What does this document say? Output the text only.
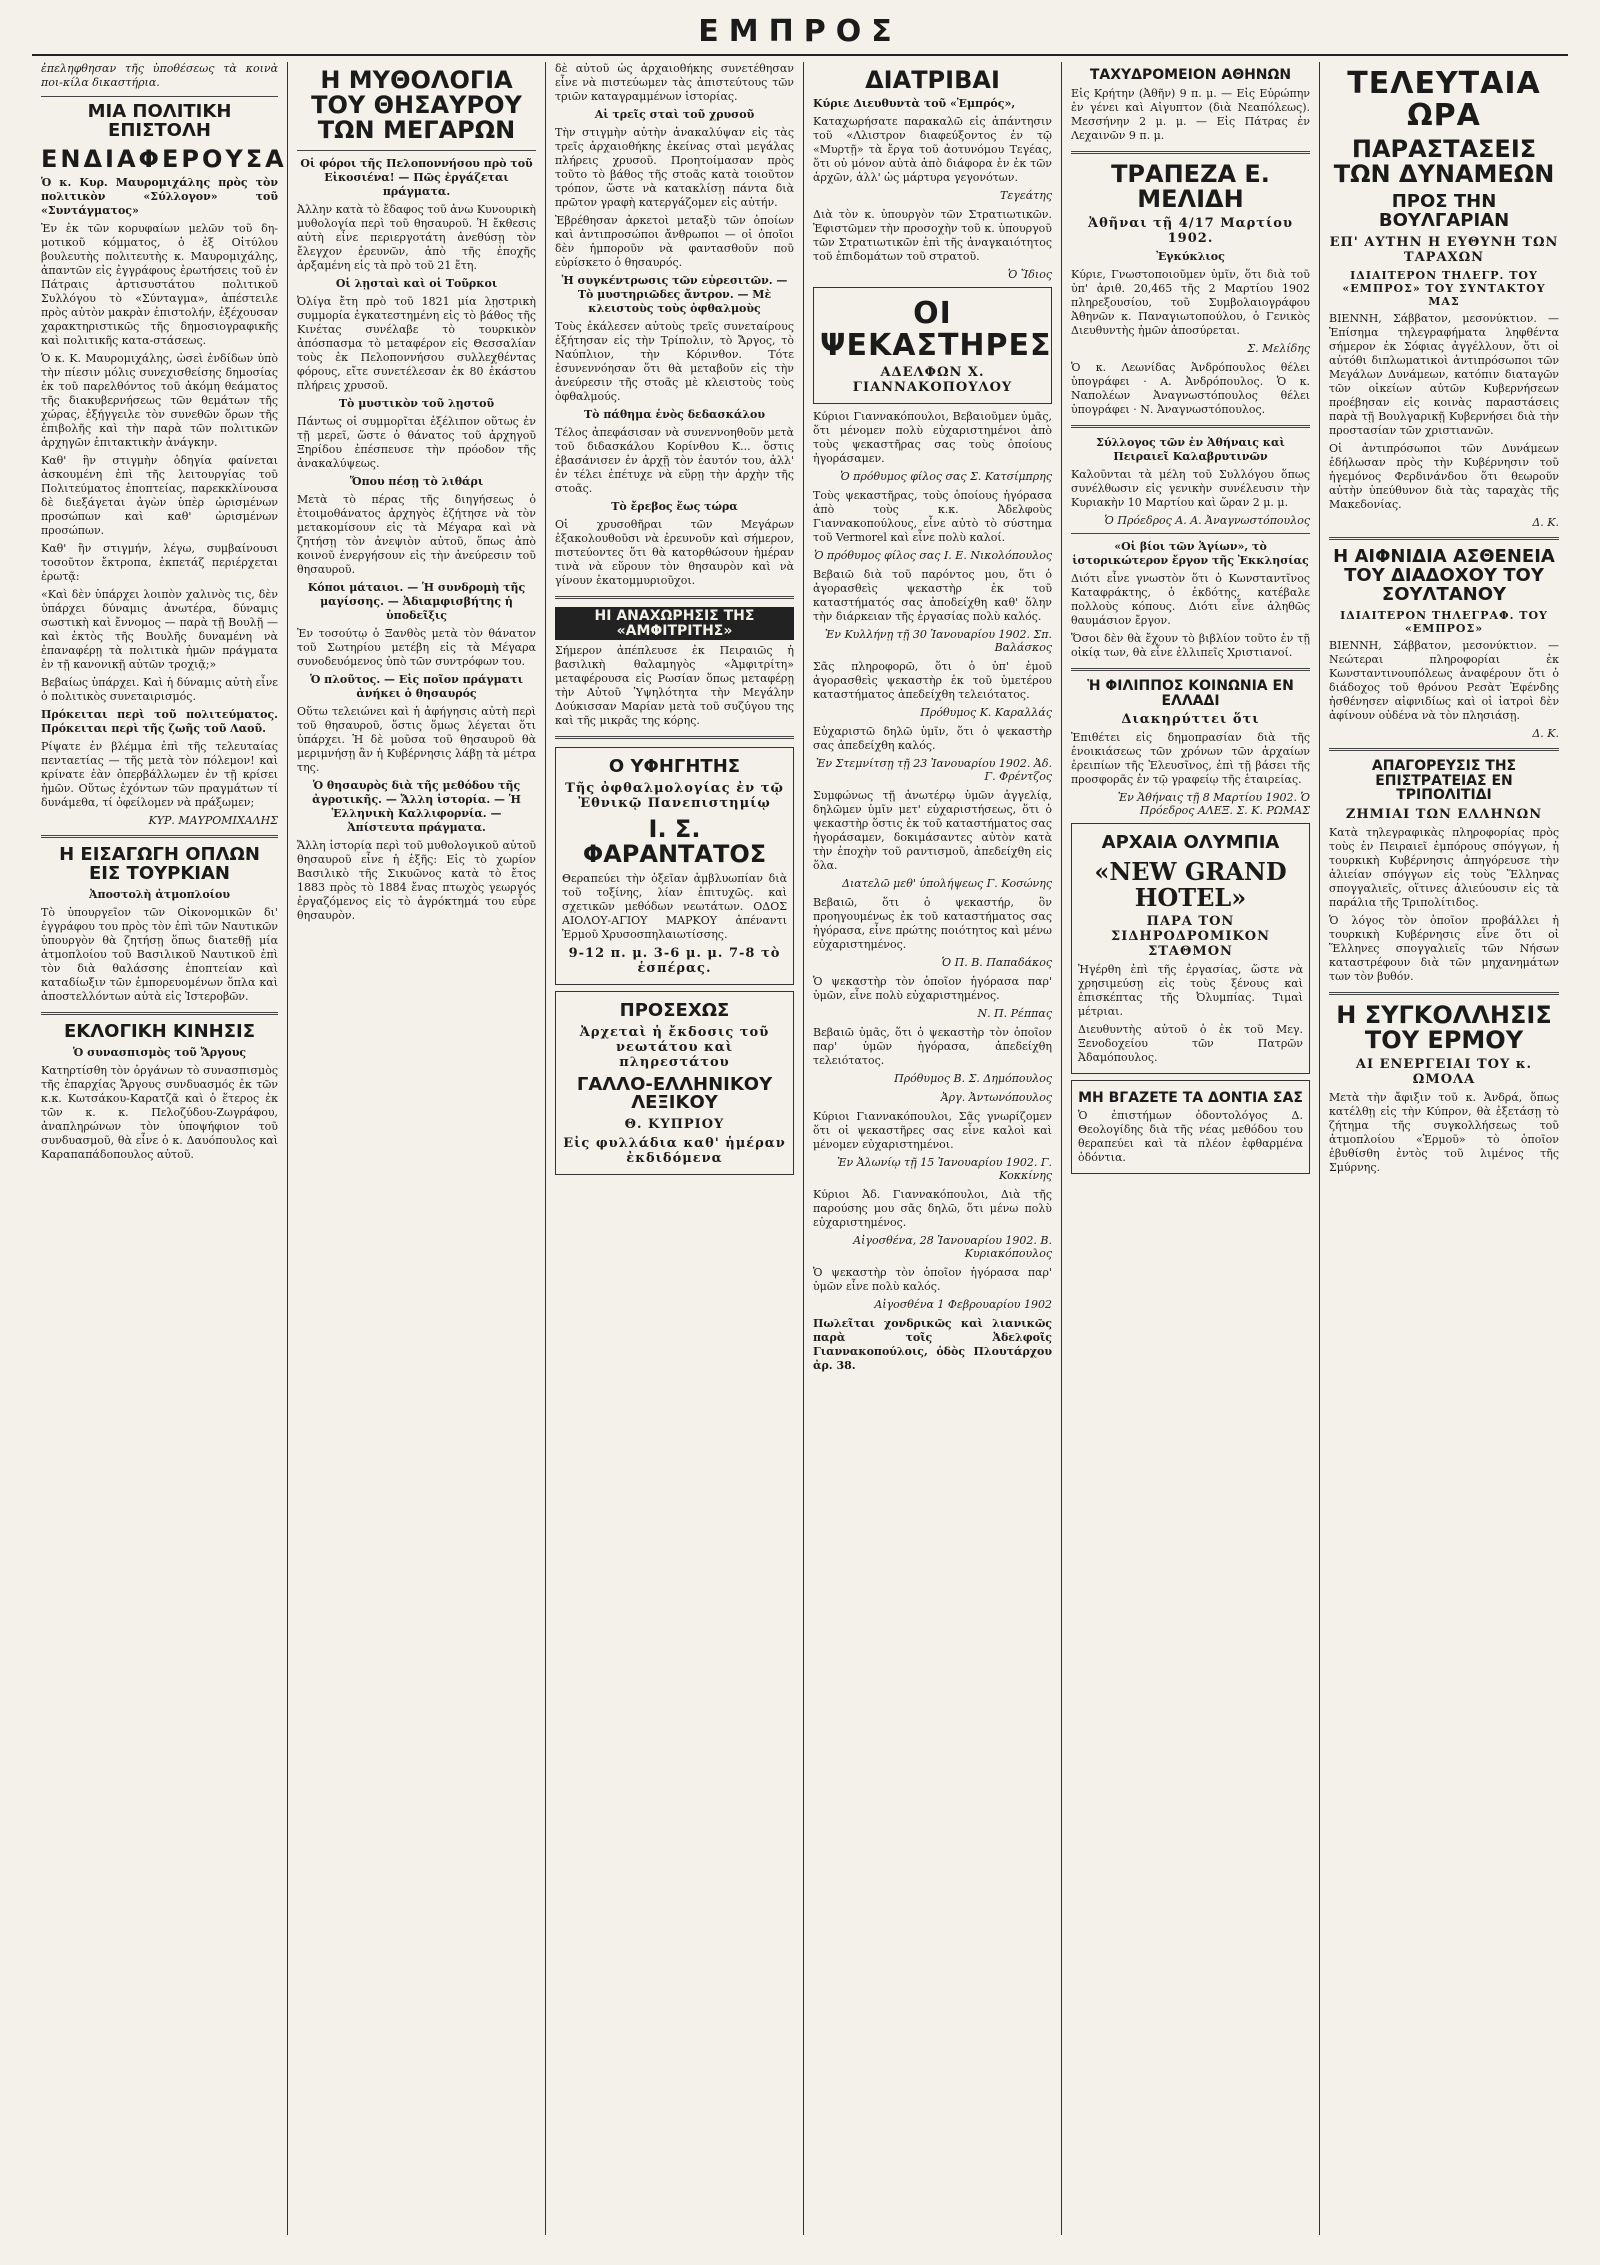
ΕΜΠΡΟΣ

ἐπεληφθησαν τῆς ὑποθέσεως τὰ κοινὰ ποι-κίλα δικαστήρια.

ΜΙΑ ΠΟΛΙΤΙΚΗ ΕΠΙΣΤΟΛΗ
ΕΝΔΙΑΦΕΡΟΥΣΑ

Ὁ κ. Κυρ. Μαυρομιχάλης πρὸς τὸν πολιτικὸν «Σύλλογον» τοῦ «Συντάγματος»

Ἐν ἐκ τῶν κορυφαίων μελῶν τοῦ δη-μοτικοῦ κόμματος, ὁ ἐξ Οἰτύλου βουλευτὴς πολιτευτὴς κ. Μαυρομιχάλης, ἀπαντῶν εἰς ἐγγράφους ἐρωτήσεις τοῦ ἐν Πάτραις ἀρτισυστάτου πολιτικοῦ Συλλόγου τὸ «Σύνταγμα», ἀπέστειλε πρὸς αὐτὸν μακρὰν ἐπιστολήν, ἐξέχουσαν χαρακτηριστικῶς τῆς δημοσιογραφικῆς καὶ πολιτικῆς κατα-στάσεως.

Ὁ κ. Κ. Μαυρομιχάλης, ὡσεὶ ἐνδίδων ὑπὸ τὴν πίεσιν μόλις συνεχισθείσης δημοσίας ἐκ τοῦ παρελθόντος τοῦ ἀκόμη θεάματος τῆς διακυβερνήσεως τῶν θεμάτων τῆς χώρας, ἐξήγγειλε τὸν συνεθῶν ὅρων τῆς ἐπιβολῆς καὶ τὴν παρὰ τῶν πολιτικῶν ἀρχηγῶν ἐπιτακτικὴν ἀνάγκην.

Καθ' ἣν στιγμὴν ὁδηγία φαίνεται ἀσκουμένη ἐπὶ τῆς λειτουργίας τοῦ Πολιτεύματος ἐποπτείας, παρεκκλίνουσα δὲ διεξάγεται ἀγὼν ὑπὲρ ὡρισμένων προσώπων καὶ καθ' ὡρισμένων προσώπων.

Καθ' ἣν στιγμήν, λέγω, συμβαίνουσι τοσοῦτον ἔκτροπα, ἐκπετάζ περιέρχεται ἐρωτᾷ:

«Καὶ δὲν ὑπάρχει λοιπὸν χαλινὸς τις, δὲν ὑπάρχει δύναμις ἀνωτέρα, δύναμις σωστικὴ καὶ ἔννομος — παρὰ τῇ Βουλῇ — καὶ ἐκτὸς τῆς Βουλῆς δυναμένη νὰ ἐπαναφέρῃ τὰ πολιτικὰ ἡμῶν πράγματα ἐν τῇ κανονικῇ αὐτῶν τροχιᾷ;»

Βεβαίως ὑπάρχει. Καὶ ἡ δύναμις αὐτὴ εἶνε ὁ πολιτικὸς συνεταιρισμός.

Πρόκειται περὶ τοῦ πολιτεύματος. Πρόκειται περὶ τῆς ζωῆς τοῦ Λαοῦ.

Ρίψατε ἐν βλέμμα ἐπὶ τῆς τελευταίας πενταετίας — τῆς μετὰ τὸν πόλεμον! καὶ κρίνατε ἐὰν ὀπερβάλλωμεν ἐν τῇ κρίσει ἡμῶν. Οὕτως ἐχόντων τῶν πραγμάτων τί δυνάμεθα, τί ὀφείλομεν νὰ πράξωμεν;

ΚΥΡ. ΜΑΥΡΟΜΙΧΑΛΗΣ
Η ΕΙΣΑΓΩΓΗ ΟΠΛΩΝ ΕΙΣ ΤΟΥΡΚΙΑΝ

Ἀποστολὴ ἀτμοπλοίου

Τὸ ὑπουργεῖον τῶν Οἰκονομικῶν δι' ἐγγράφου του πρὸς τὸν ἐπὶ τῶν Ναυτικῶν ὑπουργὸν θὰ ζητήσῃ ὅπως διατεθῇ μία ἀτμοπλοίου τοῦ Βασιλικοῦ Ναυτικοῦ ἐπὶ τὸν διὰ θαλάσσης ἐποπτείαν καὶ καταδίωξιν τῶν ἐμπορευομένων ὅπλα καὶ ἀποστελλόντων αὐτὰ εἰς Ἰστεροβῶν.

ΕΚΛΟΓΙΚΗ ΚΙΝΗΣΙΣ

Ὁ συνασπισμὸς τοῦ Ἄργους

Κατηρτίσθη τὸν ὀργάνων τὸ συνασπισμὸς τῆς ἐπαρχίας Ἄργους συνδυασμός ἐκ τῶν κ.κ. Κωτσάκου-Καρατζᾶ καὶ ὁ ἕτερος ἐκ τῶν κ. κ. Πελοζύδου-Ζωγράφου, ἀναπληρώνων τὸν ὑποψήφιον τοῦ συνδυασμοῦ, θὰ εἶνε ὁ κ. Δαυόπουλος καὶ Καραπαπάδοπουλος αὐτοῦ.

Η ΜΥΘΟΛΟΓΙΑ ΤΟΥ ΘΗΣΑΥΡΟΥ ΤΩΝ ΜΕΓΑΡΩΝ

Οἱ φόροι τῆς Πελοποννήσου πρὸ τοῦ Εἰκοσιένα! — Πῶς ἐργάζεται πράγματα.

Ἀλλην κατὰ τὸ ἔδαφος τοῦ ἀνω Κυνουρικὴ μυθολογία περὶ τοῦ θησαυροῦ. Ἡ ἔκθεσις αὐτὴ εἶνε περιεργοτάτη ἀνεθύσῃ τὸν ἔλεγχον ἐρευνῶν, ἀπὸ τῆς ἐποχῆς ἀρξαμένη εἰς τὰ πρὸ τοῦ 21 ἔτη.

Οἱ λῃσταὶ καὶ οἱ Τοῦρκοι

Ὀλίγα ἔτη πρὸ τοῦ 1821 μία λῃστρικὴ συμμορία ἐγκατεστημένη εἰς τὸ βάθος τῆς Κινέτας συνέλαβε τὸ τουρκικὸν ἀπόσπασμα τὸ μεταφέρον εἰς Θεσσαλίαν τοὺς ἐκ Πελοποννήσου συλλεχθέντας φόρους, εἴτε συνετέλεσαν ἐκ 80 ἐκάστου πλήρεις χρυσοῦ.

Τὸ μυστικὸν τοῦ λῃστοῦ

Πάντως οἱ συμμορῖται ἐξέλιπον οὕτως ἐν τῇ μερεῖ, ὥστε ὁ θάνατος τοῦ ἀρχηγοῦ Ξηρίδου ἐπέσπευσε τὴν πρόοδον τῆς ἀνακαλύψεως.

Ὅπου πέσῃ τὸ λιθάρι

Μετὰ τὸ πέρας τῆς διηγήσεως ὁ ἐτοιμοθάνατος ἀρχηγὸς ἐζήτησε νὰ τὸν μετακομίσουν εἰς τὰ Μέγαρα καὶ νὰ ζητήσῃ τὸν ἀνεψιὸν αὐτοῦ, ὅπως ἀπὸ κοινοῦ ἐνεργήσουν εἰς τὴν ἀνεύρεσιν τοῦ θησαυροῦ.

Κόποι μάταιοι. — Ἡ συνδρομὴ τῆς μαγίσσης. — Ἀδιαμφισβήτης ἡ ὑποδεῖξις

Ἐν τοσούτῳ ὁ Ξανθὸς μετὰ τὸν θάνατον τοῦ Σωτηρίου μετέβη εἰς τὰ Μέγαρα συνοδευόμενος ὑπὸ τῶν συντρόφων του.

Ὁ πλοῦτος. — Εἰς ποῖον πράγματι ἀνήκει ὁ θησαυρός

Οὕτω τελειώνει καὶ ἡ ἀφήγησις αὐτὴ περὶ τοῦ θησαυροῦ, ὅστις ὅμως λέγεται ὅτι ὑπάρχει. Ἡ δὲ μοῦσα τοῦ θησαυροῦ θὰ μεριμνήσῃ ἂν ἡ Κυβέρνησις λάβῃ τὰ μέτρα της.

Ὁ θησαυρὸς διὰ τῆς μεθόδου τῆς ἀγροτικῆς. — Ἄλλη ἱστορία. — Ἡ Ἑλληνικὴ Καλλιφορνία. — Ἀπίστευτα πράγματα.

Ἄλλη ἱστορία περὶ τοῦ μυθολογικοῦ αὐτοῦ θησαυροῦ εἶνε ἡ ἑξῆς: Εἰς τὸ χωρίον Βασιλικὸ τῆς Σικυῶνος κατὰ τὸ ἔτος 1883 πρὸς τὸ 1884 ἔνας πτωχὸς γεωργός ἐργαζόμενος εἰς τὸ ἀγρόκτημά του εὗρε θησαυρὸν.

δὲ αὐτοῦ ὡς ἀρχαιοθήκης συνετέθησαν εἶνε νὰ πιστεύωμεν τὰς ἀπιστεύτους τῶν τριῶν καταγραμμένων ἱστορίας.

Αἱ τρεῖς σταὶ τοῦ χρυσοῦ

Τὴν στιγμὴν αὐτὴν ἀνακαλύψαν εἰς τὰς τρεῖς ἀρχαιοθήκης ἐκείνας σταὶ μεγάλας πλήρεις χρυσοῦ. Προητοίμασαν πρὸς τοῦτο τὸ βάθος τῆς στοᾶς κατὰ τοιοῦτον τρόπον, ὥστε νὰ κατακλίσῃ πάντα διὰ πρῶτον γραφὴ κατεργάζομεν εἰς αὐτήν.

Ἐβρέθησαν ἀρκετοὶ μεταξὺ τῶν ὁποίων καὶ ἀντιπροσώποι ἄνθρωποι — οἱ ὁποῖοι δὲν ἠμποροῦν νὰ φαντασθοῦν ποῦ εὑρίσκετο ὁ θησαυρός.

Ἡ συγκέντρωσις τῶν εὑρεσιτῶν. — Τὸ μυστηριῶδες ἄντρον. — Μὲ κλειστοὺς τοὺς ὀφθαλμοὺς

Τοὺς ἐκάλεσεν αὐτοὺς τρεῖς συνεταίρους ἐξήτησαν εἰς τὴν Τρίπολιν, τὸ Ἄργος, τὸ Ναύπλιον, τὴν Κόρινθον. Τότε ἐσυνεννόησαν ὅτι θὰ μεταβοῦν εἰς τὴν ἀνεύρεσιν τῆς στοᾶς μὲ κλειστοὺς τοὺς ὀφθαλμούς.

Τὸ πάθημα ἑνὸς δεδασκάλου

Τέλος ἀπεφάσισαν νὰ συνεννοηθοῦν μετὰ τοῦ διδασκάλου Κορίνθου Κ... ὅστις ἐβασάνισεν ἐν ἀρχῇ τὸν ἑαυτόν του, ἀλλ' ἐν τέλει ἐπέτυχε νὰ εὕρῃ τὴν ἀρχὴν τῆς στοᾶς.

Τὸ ἔρεβος ἕως τώρα

Οἱ χρυσοθῆραι τῶν Μεγάρων ἐξακολουθοῦσι νὰ ἐρευνοῦν καὶ σήμερον, πιστεύοντες ὅτι θὰ κατορθώσουν ἡμέραν τινὰ νὰ εὕρουν τὸν θησαυρὸν καὶ νὰ γίνουν ἑκατομμυριοῦχοι.

ΗΙ ΑΝΑΧΩΡΗΣΙΣ ΤΗΣ «ΑΜΦΙΤΡΙΤΗΣ»

Σήμερον ἀπέπλευσε ἐκ Πειραιῶς ἡ βασιλικὴ θαλαμηγὸς «Ἀμφιτρίτη» μεταφέρουσα εἰς Ρωσίαν ὅπως μεταφέρῃ τὴν Αὐτοῦ Ὑψηλότητα τὴν Μεγάλην Δούκισσαν Μαρίαν μετὰ τοῦ συζύγου της καὶ τῆς μικρᾶς της κόρης.

Ο ΥΦΗΓΗΤΗΣ
Τῆς ὀφθαλμολογίας ἐν τῷ Ἐθνικῷ Πανεπιστημίῳ
Ι. Σ. ΦΑΡΑΝΤΑΤΟΣ

Θεραπεύει τὴν ὀξεῖαν ἀμβλυωπίαν διὰ τοῦ τοξίνης, λίαν ἐπιτυχῶς. καὶ σχετικῶν μεθόδων νεωτάτων. ΟΔΟΣ ΑΙΟΛΟΥ-ΑΓΙΟΥ ΜΑΡΚΟΥ ἀπέναντι Ἑρμοῦ Χρυσοσπηλαιωτίσσης.

9-12 π. μ. 3-6 μ. μ. 7-8 τὸ ἑσπέρας.
ΠΡΟΣΕΧΩΣ
Ἀρχεταὶ ἡ ἔκδοσις τοῦ νεωτάτου καὶ πληρεστάτου
ΓΑΛΛΟ-ΕΛΛΗΝΙΚΟΥ ΛΕΞΙΚΟΥ
Θ. ΚΥΠΡΙΟΥ
Εἰς φυλλάδια καθ' ἡμέραν ἐκδιδόμενα
ΔΙΑΤΡΙΒΑΙ

Κύριε Διευθυντὰ τοῦ «Ἐμπρός»,

Καταχωρήσατε παρακαλῶ εἰς ἀπάντησιν τοῦ «Λλιστρον διαφεύξοντος ἐν τῷ «Μυρτῇ» τὰ ἔργα τοῦ ἀοτυνόμου Τεγέας, ὅτι οὐ μόνον αὐτὰ ἀπὸ διάφορα ἐν ἐκ τῶν ἀρχῶν, ἀλλ' ὡς μάρτυρα γεγονότων.

Τεγεάτης

Διὰ τὸν κ. ὑπουργὸν τῶν Στρατιωτικῶν. Ἐφιστῶμεν τὴν προσοχὴν τοῦ κ. ὑπουργοῦ τῶν Στρατιωτικῶν ἐπὶ τῆς ἀναγκαιότητος τοῦ ἐπιδομάτων τοῦ στρατοῦ.

Ὁ Ἴδιος
ΟΙ ΨΕΚΑΣΤΗΡΕΣ
ΑΔΕΛΦΩΝ Χ. ΓΙΑΝΝΑΚΟΠΟΥΛΟΥ

Κύριοι Γιαννακόπουλοι, Βεβαιοῦμεν ὑμᾶς, ὅτι μένομεν πολὺ εὐχαριστημένοι ἀπὸ τοὺς ψεκαστῆρας σας τοὺς ὁποίους ἠγοράσαμεν.

Ὁ πρόθυμος φίλος σας Σ. Κατσίμπρης

Τοὺς ψεκαστῆρας, τοὺς ὁποίους ἠγόρασα ἀπὸ τοὺς κ.κ. Ἀδελφοὺς Γιαννακοπούλους, εἶνε αὐτὸ τὸ σύστημα τοῦ Vermorel καὶ εἶνε πολὺ καλοί.

Ὁ πρόθυμος φίλος σας Ι. Ε. Νικολόπουλος

Βεβαιῶ διὰ τοῦ παρόντος μου, ὅτι ὁ ἀγορασθεὶς ψεκαστὴρ ἐκ τοῦ καταστήματός σας ἀποδείχθη καθ' ὅλην τὴν διάρκειαν τῆς ἐργασίας πολὺ καλός.

Ἐν Κυλλήνῃ τῇ 30 Ἰανουαρίου 1902. Σπ. Βαλάσκος

Σᾶς πληροφορῶ, ὅτι ὁ ὑπ' ἐμοῦ ἀγορασθεὶς ψεκαστὴρ ἐκ τοῦ ὑμετέρου καταστήματος ἀπεδείχθη τελειότατος.

Πρόθυμος Κ. Καραλλάς

Εὐχαριστῶ δηλῶ ὑμῖν, ὅτι ὁ ψεκαστὴρ σας ἀπεδείχθη καλός.

Ἐν Στεμνίτσῃ τῇ 23 Ἰανουαρίου 1902. Ἀδ. Γ. Φρέντζος

Συμφώνως τῇ ἀνωτέρῳ ὑμῶν ἀγγελίᾳ, δηλῶμεν ὑμῖν μετ' εὐχαριστήσεως, ὅτι ὁ ψεκαστὴρ ὅστις ἐκ τοῦ καταστήματος σας ἠγοράσαμεν, δοκιμάσαντες αὐτὸν κατὰ τὴν ἐποχὴν τοῦ ραντισμοῦ, ἀπεδείχθη εἰς ὅλα.

Διατελῶ μεθ' ὑπολήψεως Γ. Κοσώνης

Βεβαιῶ, ὅτι ὁ ψεκαστήρ, ὃν προηγουμένως ἐκ τοῦ καταστήματος σας ἠγόρασα, εἶνε πρώτης ποιότητος καὶ μένω εὐχαριστημένος.

Ὁ Π. Β. Παπαδάκος

Ὁ ψεκαστὴρ τὸν ὁποῖον ἠγόρασα παρ' ὑμῶν, εἶνε πολὺ εὐχαριστημένος.

Ν. Π. Ρέππας

Βεβαιῶ ὑμᾶς, ὅτι ὁ ψεκαστὴρ τὸν ὁποῖον παρ' ὑμῶν ἠγόρασα, ἀπεδείχθη τελειότατος.

Πρόθυμος Β. Σ. Δημόπουλος
Ἀργ. Ἀντωνόπουλος

Κύριοι Γιαννακόπουλοι, Σᾶς γνωρίζομεν ὅτι οἱ ψεκαστῆρες σας εἶνε καλοὶ καὶ μένομεν εὐχαριστημένοι.

Ἐν Ἀλωνίῳ τῇ 15 Ἰανουαρίου 1902. Γ. Κοκκίνης

Κύριοι Ἀδ. Γιαννακόπουλοι, Διὰ τῆς παρούσης μου σᾶς δηλῶ, ὅτι μένω πολὺ εὐχαριστημένος.

Αἰγοσθένα, 28 Ἰανουαρίου 1902. Β. Κυριακόπουλος

Ὁ ψεκαστὴρ τὸν ὁποῖον ἠγόρασα παρ' ὑμῶν εἶνε πολὺ καλός.

Αἰγοσθένα 1 Φεβρουαρίου 1902

Πωλεῖται χονδρικῶς καὶ λιανικῶς παρὰ τοῖς Ἀδελφοῖς Γιαννακοπούλοις, ὁδὸς Πλουτάρχου ἀρ. 38.

ΤΑΧΥΔΡΟΜΕΙΟΝ ΑΘΗΝΩΝ

Εἰς Κρήτην (Ἀθῆν) 9 π. μ. — Εἰς Εὐρώπην ἐν γένει καὶ Αἰγυπτον (διὰ Νεαπόλεως). Μεσσήνην 2 μ. μ. — Εἰς Πάτρας ἐν Λεχαινῶν 9 π. μ.

ΤΡΑΠΕΖΑ Ε. ΜΕΛΙΔΗ
Ἀθῆναι τῇ 4/17 Μαρτίου 1902.

Ἐγκύκλιος

Κύριε, Γνωστοποιοῦμεν ὑμῖν, ὅτι διὰ τοῦ ὑπ' ἀριθ. 20,465 τῆς 2 Μαρτίου 1902 πληρεξουσίου, τοῦ Συμβολαιογράφου Ἀθηνῶν κ. Παναγιωτοπούλου, ὁ Γενικὸς Διευθυντὴς ἡμῶν ἀποσύρεται.

Σ. Μελίδης

Ὁ κ. Λεωνίδας Ἀνδρόπουλος θέλει ὑπογράφει · Α. Ἀνδρόπουλος. Ὁ κ. Ναπολέων Ἀναγνωστόπουλος θέλει ὑπογράφει · Ν. Ἀναγνωστόπουλος.

Σύλλογος τῶν ἐν Ἀθήναις καὶ Πειραιεῖ Καλαβρυτινῶν

Καλοῦνται τὰ μέλη τοῦ Συλλόγου ὅπως συνέλθωσιν εἰς γενικὴν συνέλευσιν τὴν Κυριακὴν 10 Μαρτίου καὶ ὥραν 2 μ. μ.

Ὁ Πρόεδρος Α. Α. Ἀναγνωστόπουλος

«Οἱ βίοι τῶν Ἁγίων», τὸ ἱστορικώτερον ἔργον τῆς Ἐκκλησίας

Διότι εἶνε γνωστὸν ὅτι ὁ Κωνσταντῖνος Καταφράκτης, ὁ ἐκδότης, κατέβαλε πολλοὺς κόπους. Διότι εἶνε ἀληθῶς θαυμάσιον ἔργον.

Ὅσοι δὲν θὰ ἔχουν τὸ βιβλίον τοῦτο ἐν τῇ οἰκίᾳ των, θὰ εἶνε ἐλλιπεῖς Χριστιανοί.

Ἡ ΦΙΛΙΠΠΟΣ ΚΟΙΝΩΝΙΑ ΕΝ ΕΛΛΑΔΙ
Διακηρύττει ὅτι

Ἐπιθέτει εἰς δημοπρασίαν διὰ τῆς ἐνοικιάσεως τῶν χρόνων τῶν ἀρχαίων ἐρειπίων τῆς Ἐλευσῖνος, ἐπὶ τῇ βάσει τῆς προσφορᾶς ἐν τῷ γραφείῳ τῆς ἑταιρείας.

Ἐν Ἀθήναις τῇ 8 Μαρτίου 1902. Ὁ Πρόεδρος ΑΛΕΞ. Σ. Κ. ΡΩΜΑΣ
ΑΡΧΑΙΑ ΟΛΥΜΠΙΑ
«NEW GRAND HOTEL»
ΠΑΡΑ ΤΟΝ ΣΙΔΗΡΟΔΡΟΜΙΚΟΝ ΣΤΑΘΜΟΝ

Ἠγέρθη ἐπὶ τῆς ἐργασίας, ὥστε νὰ χρησιμεύσῃ εἰς τοὺς ξένους καὶ ἐπισκέπτας τῆς Ὀλυμπίας. Τιμαὶ μέτριαι.

Διευθυντὴς αὐτοῦ ὁ ἐκ τοῦ Μεγ. Ξενοδοχείου τῶν Πατρῶν Ἀδαμόπουλος.

ΜΗ ΒΓΑΖΕΤΕ ΤΑ ΔΟΝΤΙΑ ΣΑΣ

Ὁ ἐπιστήμων ὀδοντολόγος Δ. Θεολογίδης διὰ τῆς νέας μεθόδου του θεραπεύει καὶ τὰ πλέον ἐφθαρμένα ὀδόντια.

ΤΕΛΕΥΤΑΙΑ ΩΡΑ
ΠΑΡΑΣΤΑΣΕΙΣ ΤΩΝ ΔΥΝΑΜΕΩΝ
ΠΡΟΣ ΤΗΝ ΒΟΥΛΓΑΡΙΑΝ
ΕΠ' ΑΥΤΗΝ Η ΕΥΘΥΝΗ ΤΩΝ ΤΑΡΑΧΩΝ
ΙΔΙΑΙΤΕΡΟΝ ΤΗΛΕΓΡ. ΤΟΥ «ΕΜΠΡΟΣ» ΤΟΥ ΣΥΝΤΑΚΤΟΥ ΜΑΣ

ΒΙΕΝΝΗ, Σάββατον, μεσονύκτιον. — Ἐπίσημα τηλεγραφήματα ληφθέντα σήμερον ἐκ Σόφιας ἀγγέλλουν, ὅτι οἱ αὐτόθι διπλωματικοὶ ἀντιπρόσωποι τῶν Μεγάλων Δυνάμεων, κατόπιν διαταγῶν τῶν οἰκείων αὐτῶν Κυβερνήσεων προέβησαν εἰς κοινὰς παραστάσεις παρὰ τῇ Βουλγαρικῇ Κυβερνήσει διὰ τὴν προστασίαν τῶν χριστιανῶν.

Οἱ ἀντιπρόσωποι τῶν Δυνάμεων ἐδήλωσαν πρὸς τὴν Κυβέρνησιν τοῦ ἡγεμόνος Φερδινάνδου ὅτι θεωροῦν αὐτὴν ὑπεύθυνον διὰ τὰς ταραχὰς τῆς Μακεδονίας.

Δ. Κ.
Η ΑΙΦΝΙΔΙΑ ΑΣΘΕΝΕΙΑ ΤΟΥ ΔΙΑΔΟΧΟΥ ΤΟΥ ΣΟΥΛΤΑΝΟΥ
ΙΔΙΑΙΤΕΡΟΝ ΤΗΛΕΓΡΑΦ. ΤΟΥ «ΕΜΠΡΟΣ»

ΒΙΕΝΝΗ, Σάββατον, μεσονύκτιον. — Νεώτεραι πληροφορίαι ἐκ Κωνσταντινουπόλεως ἀναφέρουν ὅτι ὁ διάδοχος τοῦ θρόνου Ρεσὰτ Ἐφένδης ἠσθένησεν αἰφνιδίως καὶ οἱ ἰατροὶ δὲν ἀφίνουν οὐδένα νὰ τὸν πλησιάσῃ.

Δ. Κ.
ΑΠΑΓΟΡΕΥΣΙΣ ΤΗΣ ΕΠΙΣΤΡΑΤΕΙΑΣ ΕΝ ΤΡΙΠΟΛΙΤΙΔΙ
ΖΗΜΙΑΙ ΤΩΝ ΕΛΛΗΝΩΝ

Κατὰ τηλεγραφικὰς πληροφορίας πρὸς τοὺς ἐν Πειραιεῖ ἐμπόρους σπόγγων, ἡ τουρκικὴ Κυβέρνησις ἀπηγόρευσε τὴν ἁλιείαν σπόγγων εἰς τοὺς Ἕλληνας σπογγαλιεῖς, οἵτινες ἀλιεύουσιν εἰς τὰ παράλια τῆς Τριπολίτιδος.

Ὁ λόγος τὸν ὁποῖον προβάλλει ἡ τουρκικὴ Κυβέρνησις εἶνε ὅτι οἱ Ἕλληνες σπογγαλιεῖς τῶν Νήσων καταστρέφουν διὰ τῶν μηχανημάτων των τὸν βυθόν.

Η ΣΥΓΚΟΛΛΗΣΙΣ ΤΟΥ ΕΡΜΟΥ
ΑΙ ΕΝΕΡΓΕΙΑΙ ΤΟΥ κ. ΩΜΟΛΑ

Μετὰ τὴν ἄφιξιν τοῦ κ. Ἀνδρά, ὅπως κατέλθῃ εἰς τὴν Κύπρον, θὰ ἐξετάσῃ τὸ ζήτημα τῆς συγκολλήσεως τοῦ ἀτμοπλοίου «Ἑρμοῦ» τὸ ὁποῖον ἐβυθίσθη ἐντὸς τοῦ λιμένος τῆς Σμύρνης.
